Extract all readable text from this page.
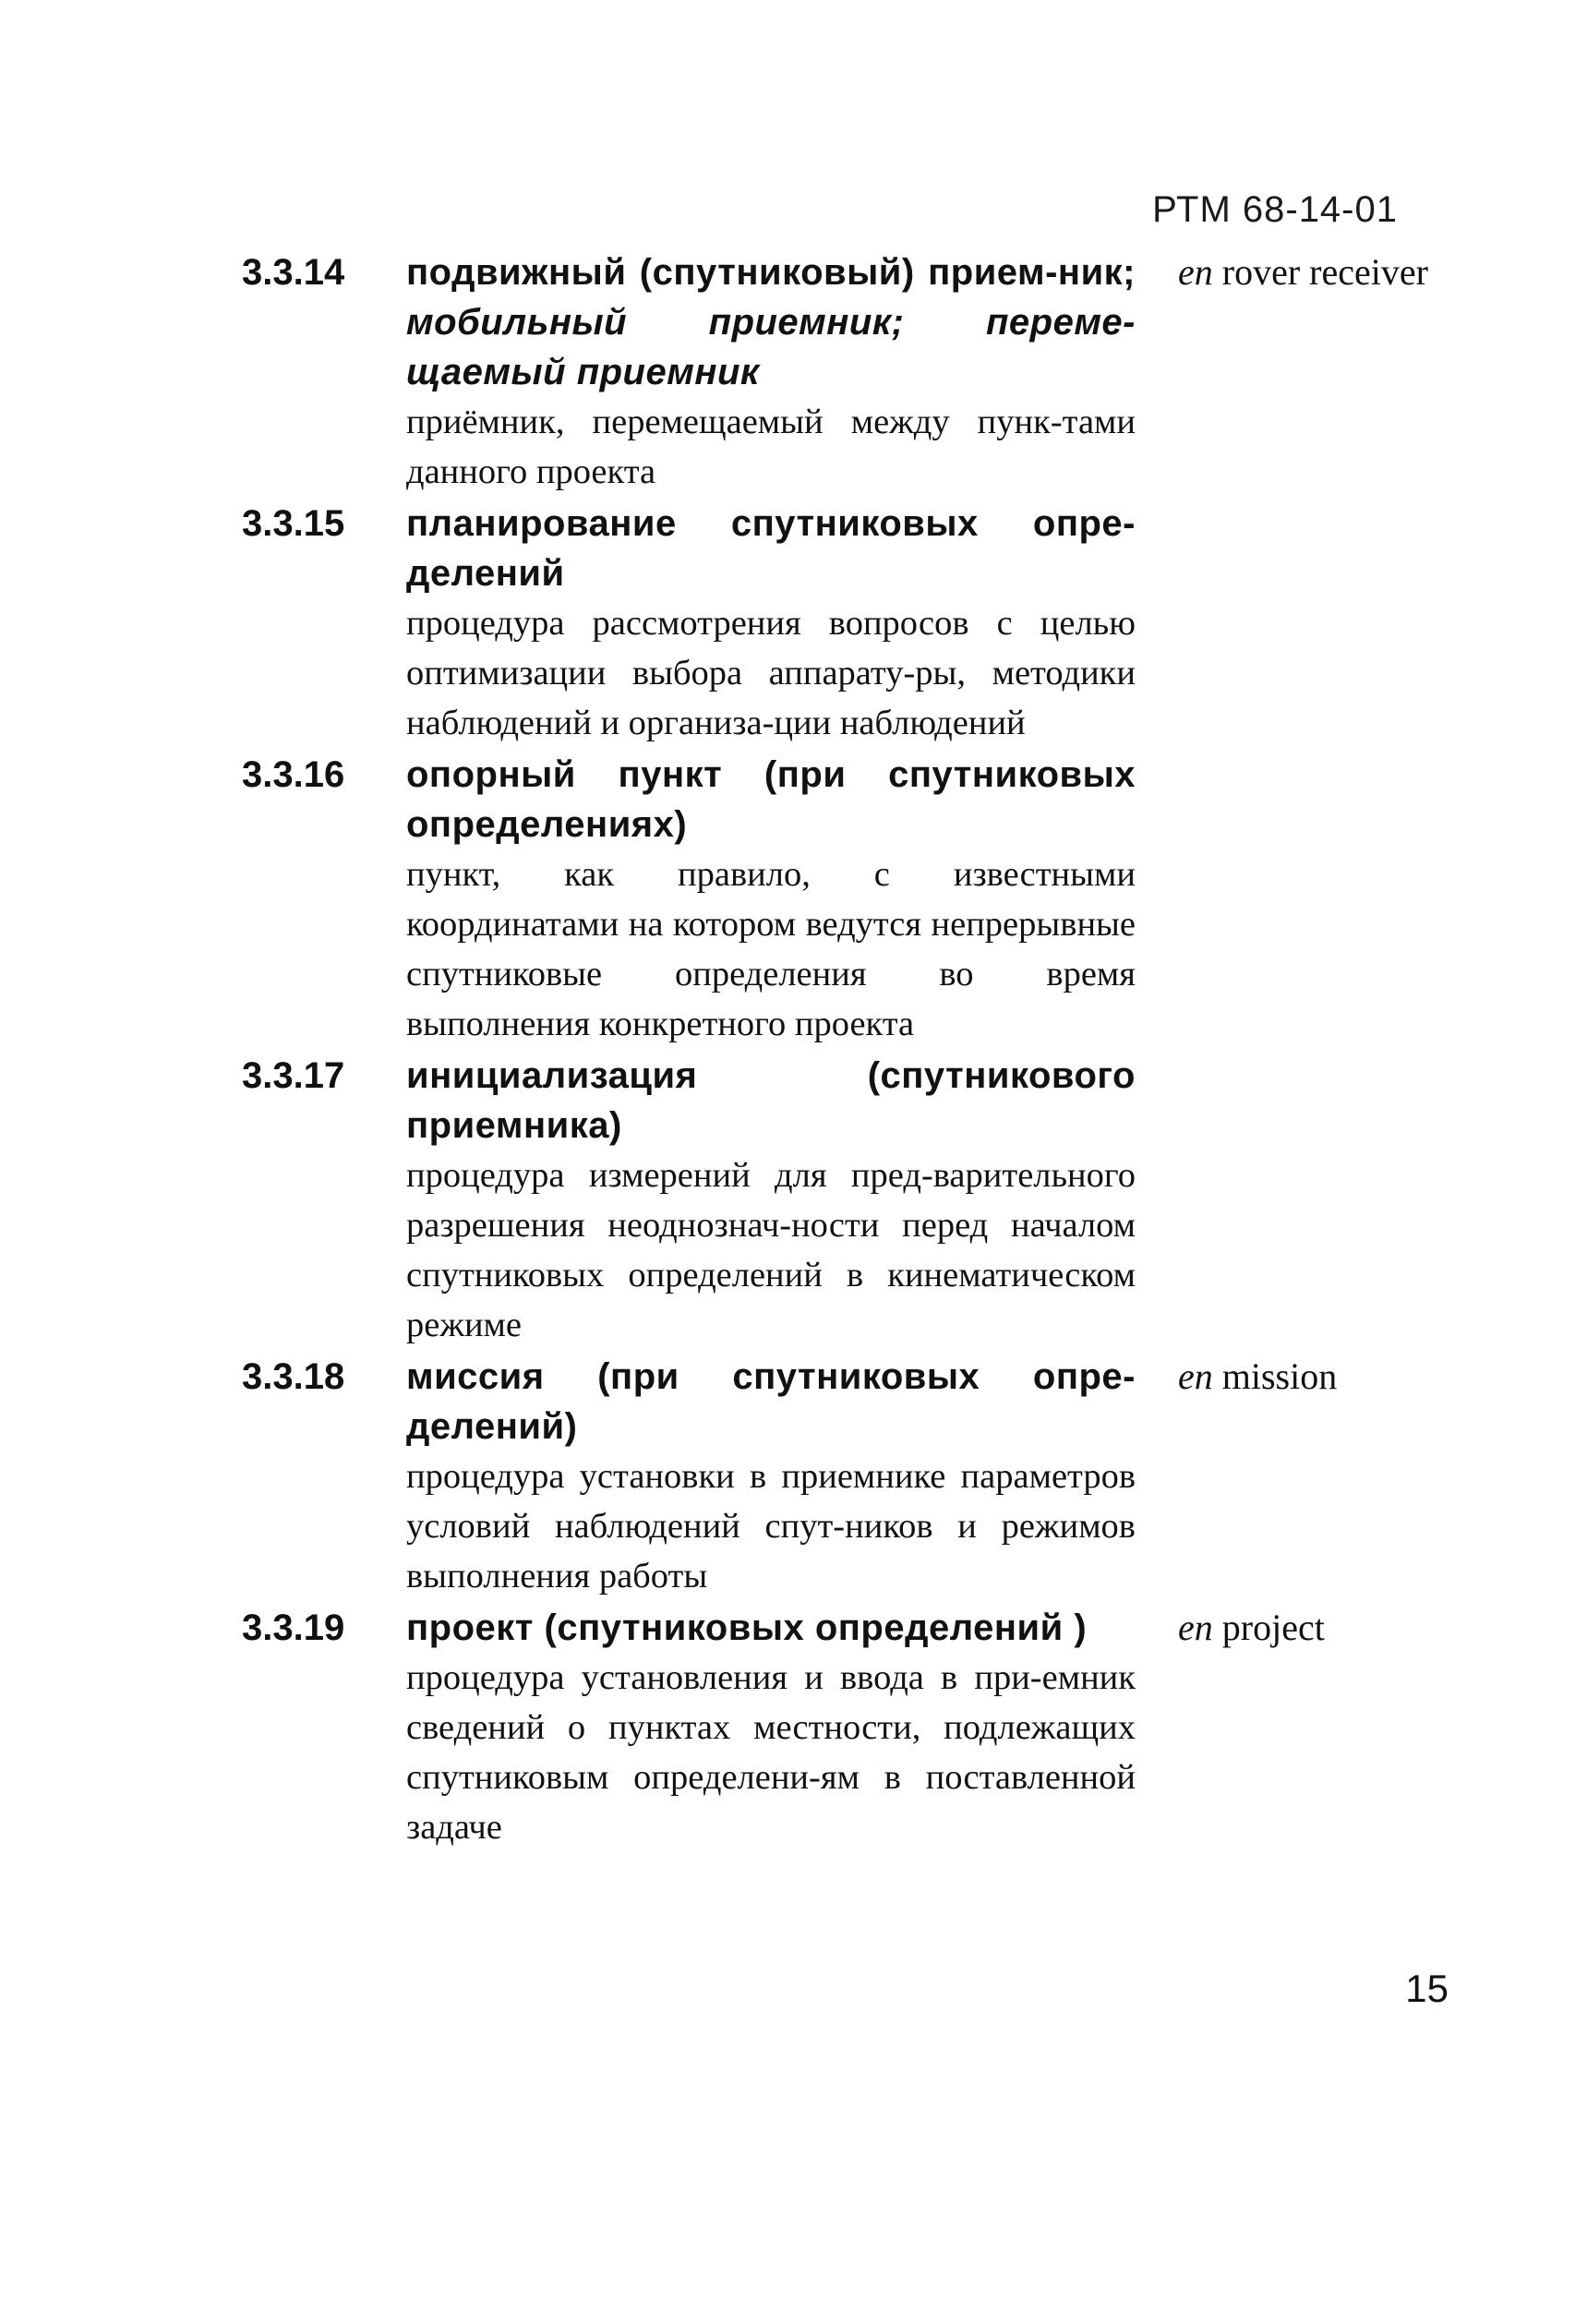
РТМ 68-14-01
3.3.14	подвижный (спутниковый) прием-ник; мобильный приемник; переме-щаемый приемник
приёмник, перемещаемый между пунк-тами данного проекта
en rover receiver
3.3.15	планирование спутниковых опре-делений
процедура рассмотрения вопросов с целью оптимизации выбора аппарату-ры, методики наблюдений и организа-ции наблюдений
3.3.16	опорный пункт (при спутниковых определениях)
пункт, как правило, с известными координатами на котором ведутся непрерывные спутниковые определения во время выполнения конкретного проекта
3.3.17	инициализация (спутникового приемника)
процедура измерений для пред-варительного разрешения неоднознач-ности перед началом спутниковых определений в кинематическом режиме
3.3.18	миссия (при спутниковых опре-делений)
процедура установки в приемнике параметров условий наблюдений спут-ников и режимов выполнения работы
en mission
3.3.19	проект (спутниковых определений )
процедура установления и ввода в при-емник сведений о пунктах местности, подлежащих спутниковым определени-ям в поставленной задаче
en project
15
